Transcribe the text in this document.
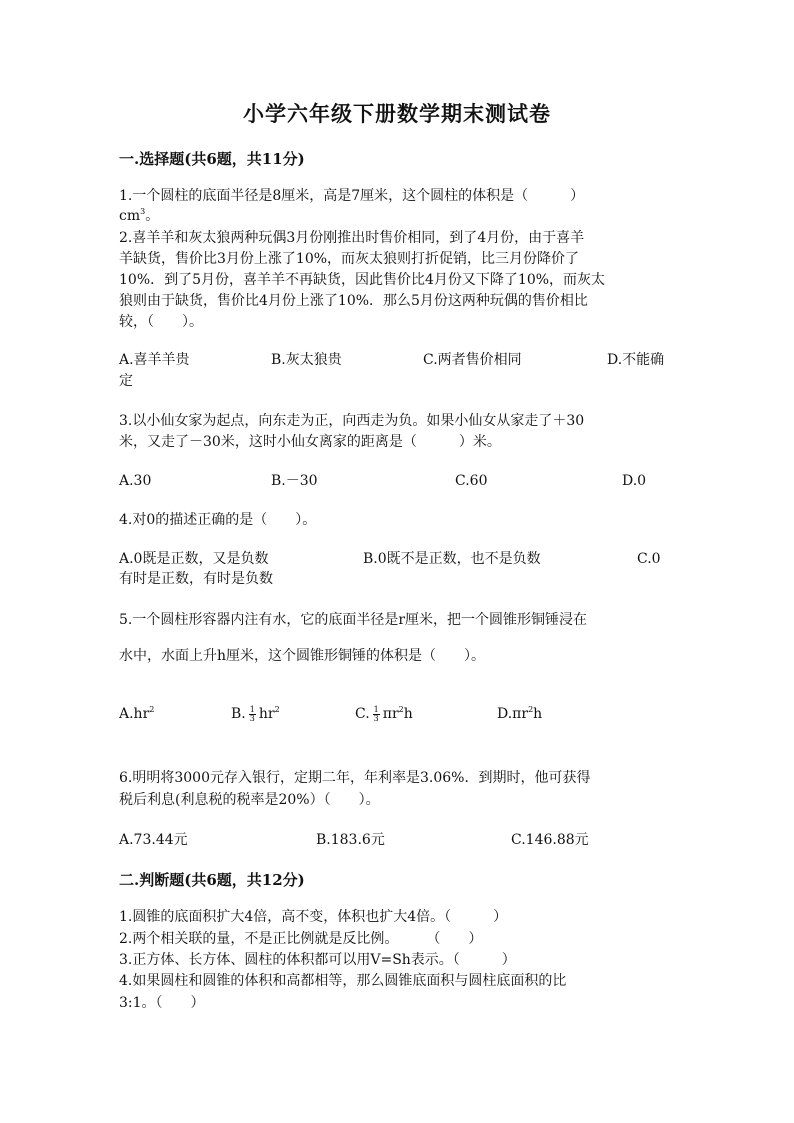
小学六年级下册数学期末测试卷
一.选择题(共6题，共11分)
1.一个圆柱的底面半径是8厘米，高是7厘米，这个圆柱的体积是（　　　）
$cm^3$。
2.喜羊羊和灰太狼两种玩偶3月份刚推出时售价相同，到了4月份，由于喜羊
羊缺货，售价比3月份上涨了10%，而灰太狼则打折促销，比三月份降价了
10%．到了5月份，喜羊羊不再缺货，因此售价比4月份又下降了10%，而灰太
狼则由于缺货，售价比4月份上涨了10%．那么5月份这两种玩偶的售价相比
较，（　　）。
A.喜羊羊贵	B.灰太狼贵	C.两者售价相同	D.不能确
定
3.以小仙女家为起点，向东走为正，向西走为负。如果小仙女从家走了＋30
米，又走了－30米，这时小仙女离家的距离是（　　　）米。
A.30	B.－30	C.60	D.0
4.对0的描述正确的是（　　）。
A.0既是正数，又是负数	B.0既不是正数，也不是负数	C.0
有时是正数，有时是负数
5.一个圆柱形容器内注有水，它的底面半径是r厘米，把一个圆锥形铜锤浸在
水中，水面上升h厘米，这个圆锥形铜锤的体积是（　　）。
$A.hr^2$	B. $\frac{1}{3} hr^2$	C. $\frac{1}{3} \pi r^2h$	$D.\pi r^2h$
6.明明将3000元存入银行，定期二年，年利率是3.06%．到期时，他可获得
税后利息(利息税的税率是20%）（　　）。
A.73.44元	B.183.6元	C.146.88元
二.判断题(共6题，共12分)
1.圆锥的底面积扩大4倍，高不变，体积也扩大4倍。（　　　）
2.两个相关联的量，不是正比例就是反比例。　　　（　　）
3.正方体、长方体、圆柱的体积都可以用V=Sh表示。（　　　）
4.如果圆柱和圆锥的体积和高都相等，那么圆锥底面积与圆柱底面积的比
3:1。（　　）
